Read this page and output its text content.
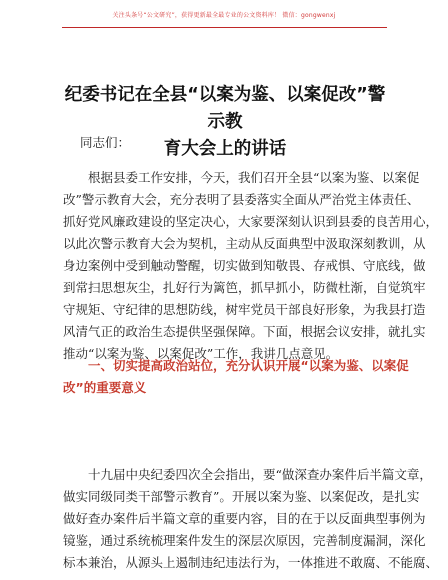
关注头条号“公文研究”，获得更新最全最专业的公文资料库！ 微信：gongwenxj
纪委书记在全县“以案为鉴、以案促改”警示教
育大会上的讲话
同志们：

根据县委工作安排，今天，我们召开全县“以案为鉴、以案促
改”警示教育大会，充分表明了县委落实全面从严治党主体责任、
抓好党风廉政建设的坚定决心，大家要深刻认识到县委的良苦用心，
以此次警示教育大会为契机，主动从反面典型中汲取深刻教训，从
身边案例中受到触动警醒，切实做到知敬畏、存戒惧、守底线，做
到常扫思想灰尘，扎好行为篱笆，抓早抓小，防微杜渐，自觉筑牢
守规矩、守纪律的思想防线，树牢党员干部良好形象，为我县打造
风清气正的政治生态提供坚强保障。下面，根据会议安排，就扎实
推动“以案为鉴、以案促改”工作，我讲几点意见。

一、切实提高政治站位，充分认识开展“以案为鉴、以案促
改”的重要意义

十九届中央纪委四次全会指出，要“做深查办案件后半篇文章，
做实同级同类干部警示教育”。开展以案为鉴、以案促改，是扎实
做好查办案件后半篇文章的重要内容，目的在于以反面典型事例为
镜鉴，通过系统梳理案件发生的深层次原因，完善制度漏洞，深化
标本兼治，从源头上遏制违纪违法行为，一体推进不敢腐、不能腐、
